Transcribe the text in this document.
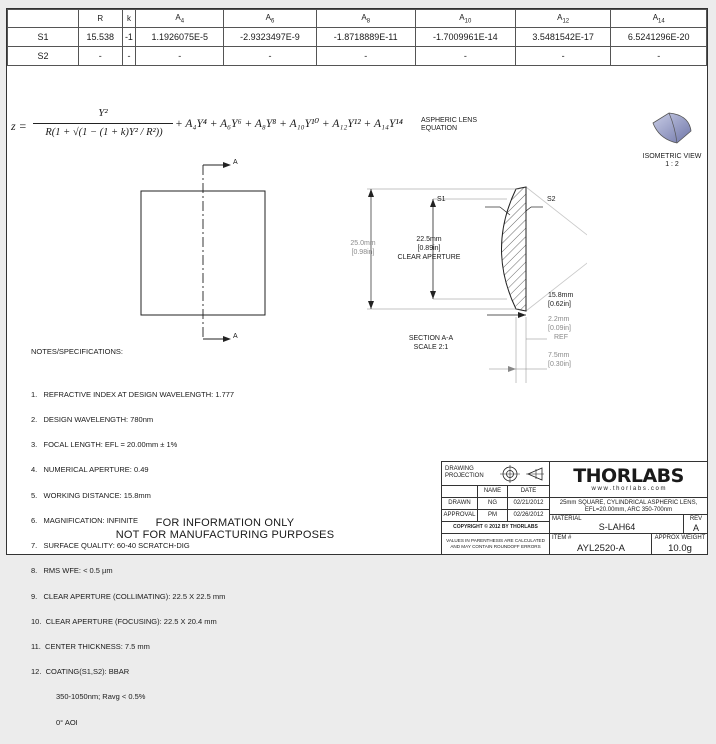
	R	k	$A_4$	$A_6$	$A_8$	$A_{10}$	$A_{12}$	$A_{14}$
S1	15.538	-1	1.1926075E-5	-2.9323497E-9	-1.8718889E-11	-1.7009961E-14	3.5481542E-17	6.5241296E-20
S2	-	-	-	-	-	-	-	-
z =
Y²
R(1 + √(1 − (1 + k)Y² / R²))
+ A₄Y⁴ + A₆Y⁶ + A₈Y⁸ + A₁₀Y¹⁰ + A₁₂Y¹² + A₁₄Y¹⁴	ASPHERIC LENS
EQUATION
ISOMETRIC VIEW
1 : 2
A
A
S1	S2
25.0mm
[0.98in]
22.5mm
[0.89in]
CLEAR APERTURE
15.8mm
[0.62in]
2.2mm
[0.09in]
REF
7.5mm
[0.30in]
SECTION A-A
SCALE 2:1
NOTES/SPECIFICATIONS:

1.   REFRACTIVE INDEX AT DESIGN WAVELENGTH: 1.777

2.   DESIGN WAVELENGTH: 780nm

3.   FOCAL LENGTH: EFL = 20.00mm ± 1%

4.   NUMERICAL APERTURE: 0.49

5.   WORKING DISTANCE: 15.8mm

6.   MAGNIFICATION: INFINITE

7.   SURFACE QUALITY: 60-40 SCRATCH-DIG

8.   RMS WFE: < 0.5 µm

9.   CLEAR APERTURE (COLLIMATING): 22.5 X 22.5 mm

10.  CLEAR APERTURE (FOCUSING): 22.5 X 20.4 mm

11.  CENTER THICKNESS: 7.5 mm

12.  COATING(S1,S2): BBAR

350-1050nm; Ravg < 0.5%

0° AOI

FOR INFORMATION ONLY
NOT FOR MANUFACTURING PURPOSES
DRAWING
PROJECTION
NAME	DATE
DRAWN	NG	02/21/2012
APPROVAL	PM	02/26/2012
COPYRIGHT © 2012 BY THORLABS
VALUES IN PARENTHESIS ARE CALCULATED
AND MAY CONTAIN ROUNDOFF ERRORS
THORLABS
w w w . t h o r l a b s . c o m
25mm SQUARE, CYLINDRICAL ASPHERIC LENS,
EFL=20.00mm, ARC 350-700nm
MATERIAL
S-LAH64
REV
A
ITEM #
AYL2520-A
APPROX WEIGHT
10.0g
